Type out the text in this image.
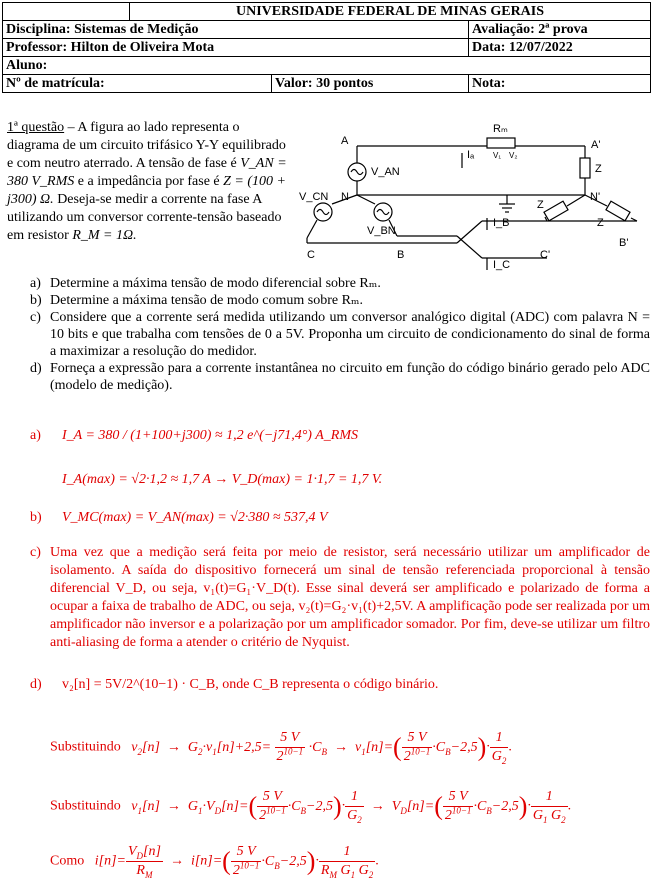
	UNIVERSIDADE FEDERAL DE MINAS GERAIS		
Disciplina: Sistemas de Medição			Avaliação: 2ª prova
Professor: Hilton de Oliveira Mota			Data: 12/07/2022
Aluno:			
Nº de matrícula:		Valor: 30 pontos	Nota:
1ª questão – A figura ao lado representa o diagrama de um circuito trifásico Y-Y equilibrado e com neutro aterrado. A tensão de fase é V_AN = 380 V_RMS e a impedância por fase é Z = (100 + j300) Ω. Deseja-se medir a corrente na fase A utilizando um conversor corrente-tensão baseado em resistor R_M = 1Ω.
A	A'
N	N'
C	B	C'
B'
Rₘ
Iₐ
I_B
I_C
V_AN
V_CN
V_BN
Z
Z
Z
V₁ V₂
a) Determine a máxima tensão de modo diferencial sobre Rₘ.
b) Determine a máxima tensão de modo comum sobre Rₘ.
c) Considere que a corrente será medida utilizando um conversor analógico digital (ADC) com palavra N = 10 bits e que trabalha com tensões de 0 a 5V. Proponha um circuito de condicionamento do sinal de forma a maximizar a resolução do medidor.
d) Forneça a expressão para a corrente instantânea no circuito em função do código binário gerado pelo ADC (modelo de medição).
a) I_A = 380 / (1+100+j300) ≈ 1,2 e^(−j71,4°) A_RMS
I_A(max) = √2·1,2 ≈ 1,7 A → V_D(max) = 1·1,7 = 1,7 V.
b) V_MC(max) = V_AN(max) = √2·380 ≈ 537,4 V
c) Uma vez que a medição será feita por meio de resistor, será necessário utilizar um amplificador de isolamento. A saída do dispositivo fornecerá um sinal de tensão referenciada proporcional à tensão diferencial V_D, ou seja, v₁(t)=G₁·V_D(t). Esse sinal deverá ser amplificado e polarizado de forma a ocupar a faixa de trabalho de ADC, ou seja, v₂(t)=G₂·v₁(t)+2,5V. A amplificação pode ser realizada por um amplificador não inversor e a polarização por um amplificador somador. Por fim, deve-se utilizar um filtro anti-aliasing de forma a atender o critério de Nyquist.
d) v₂[n] = 5V/2^(10−1) · C_B, onde C_B representa o código binário.
Substituindo   $v_2[n] \to G_2\cdot v_1[n]+2,5= \frac{5 V}{2^{10-1}} \cdot C_B \to v_1[n]=( \frac{5 V}{2^{10-1}} \cdot C_B-2,5)\cdot \frac{1}{G_2}$ .
Substituindo   $v_1[n] \to G_1\cdot V_D[n]=( \frac{5 V}{2^{10-1}} \cdot C_B-2,5)\cdot \frac{1}{G_2} \to V_D[n]=( \frac{5 V}{2^{10-1}} \cdot C_B-2,5)\cdot \frac{1}{G_1 G_2}$ .
Como   $i[n]= \frac{V_D[n]}{R_M} \to i[n]=( \frac{5 V}{2^{10-1}} \cdot C_B-2,5)\cdot \frac{1}{R_M G_1 G_2}$ .
